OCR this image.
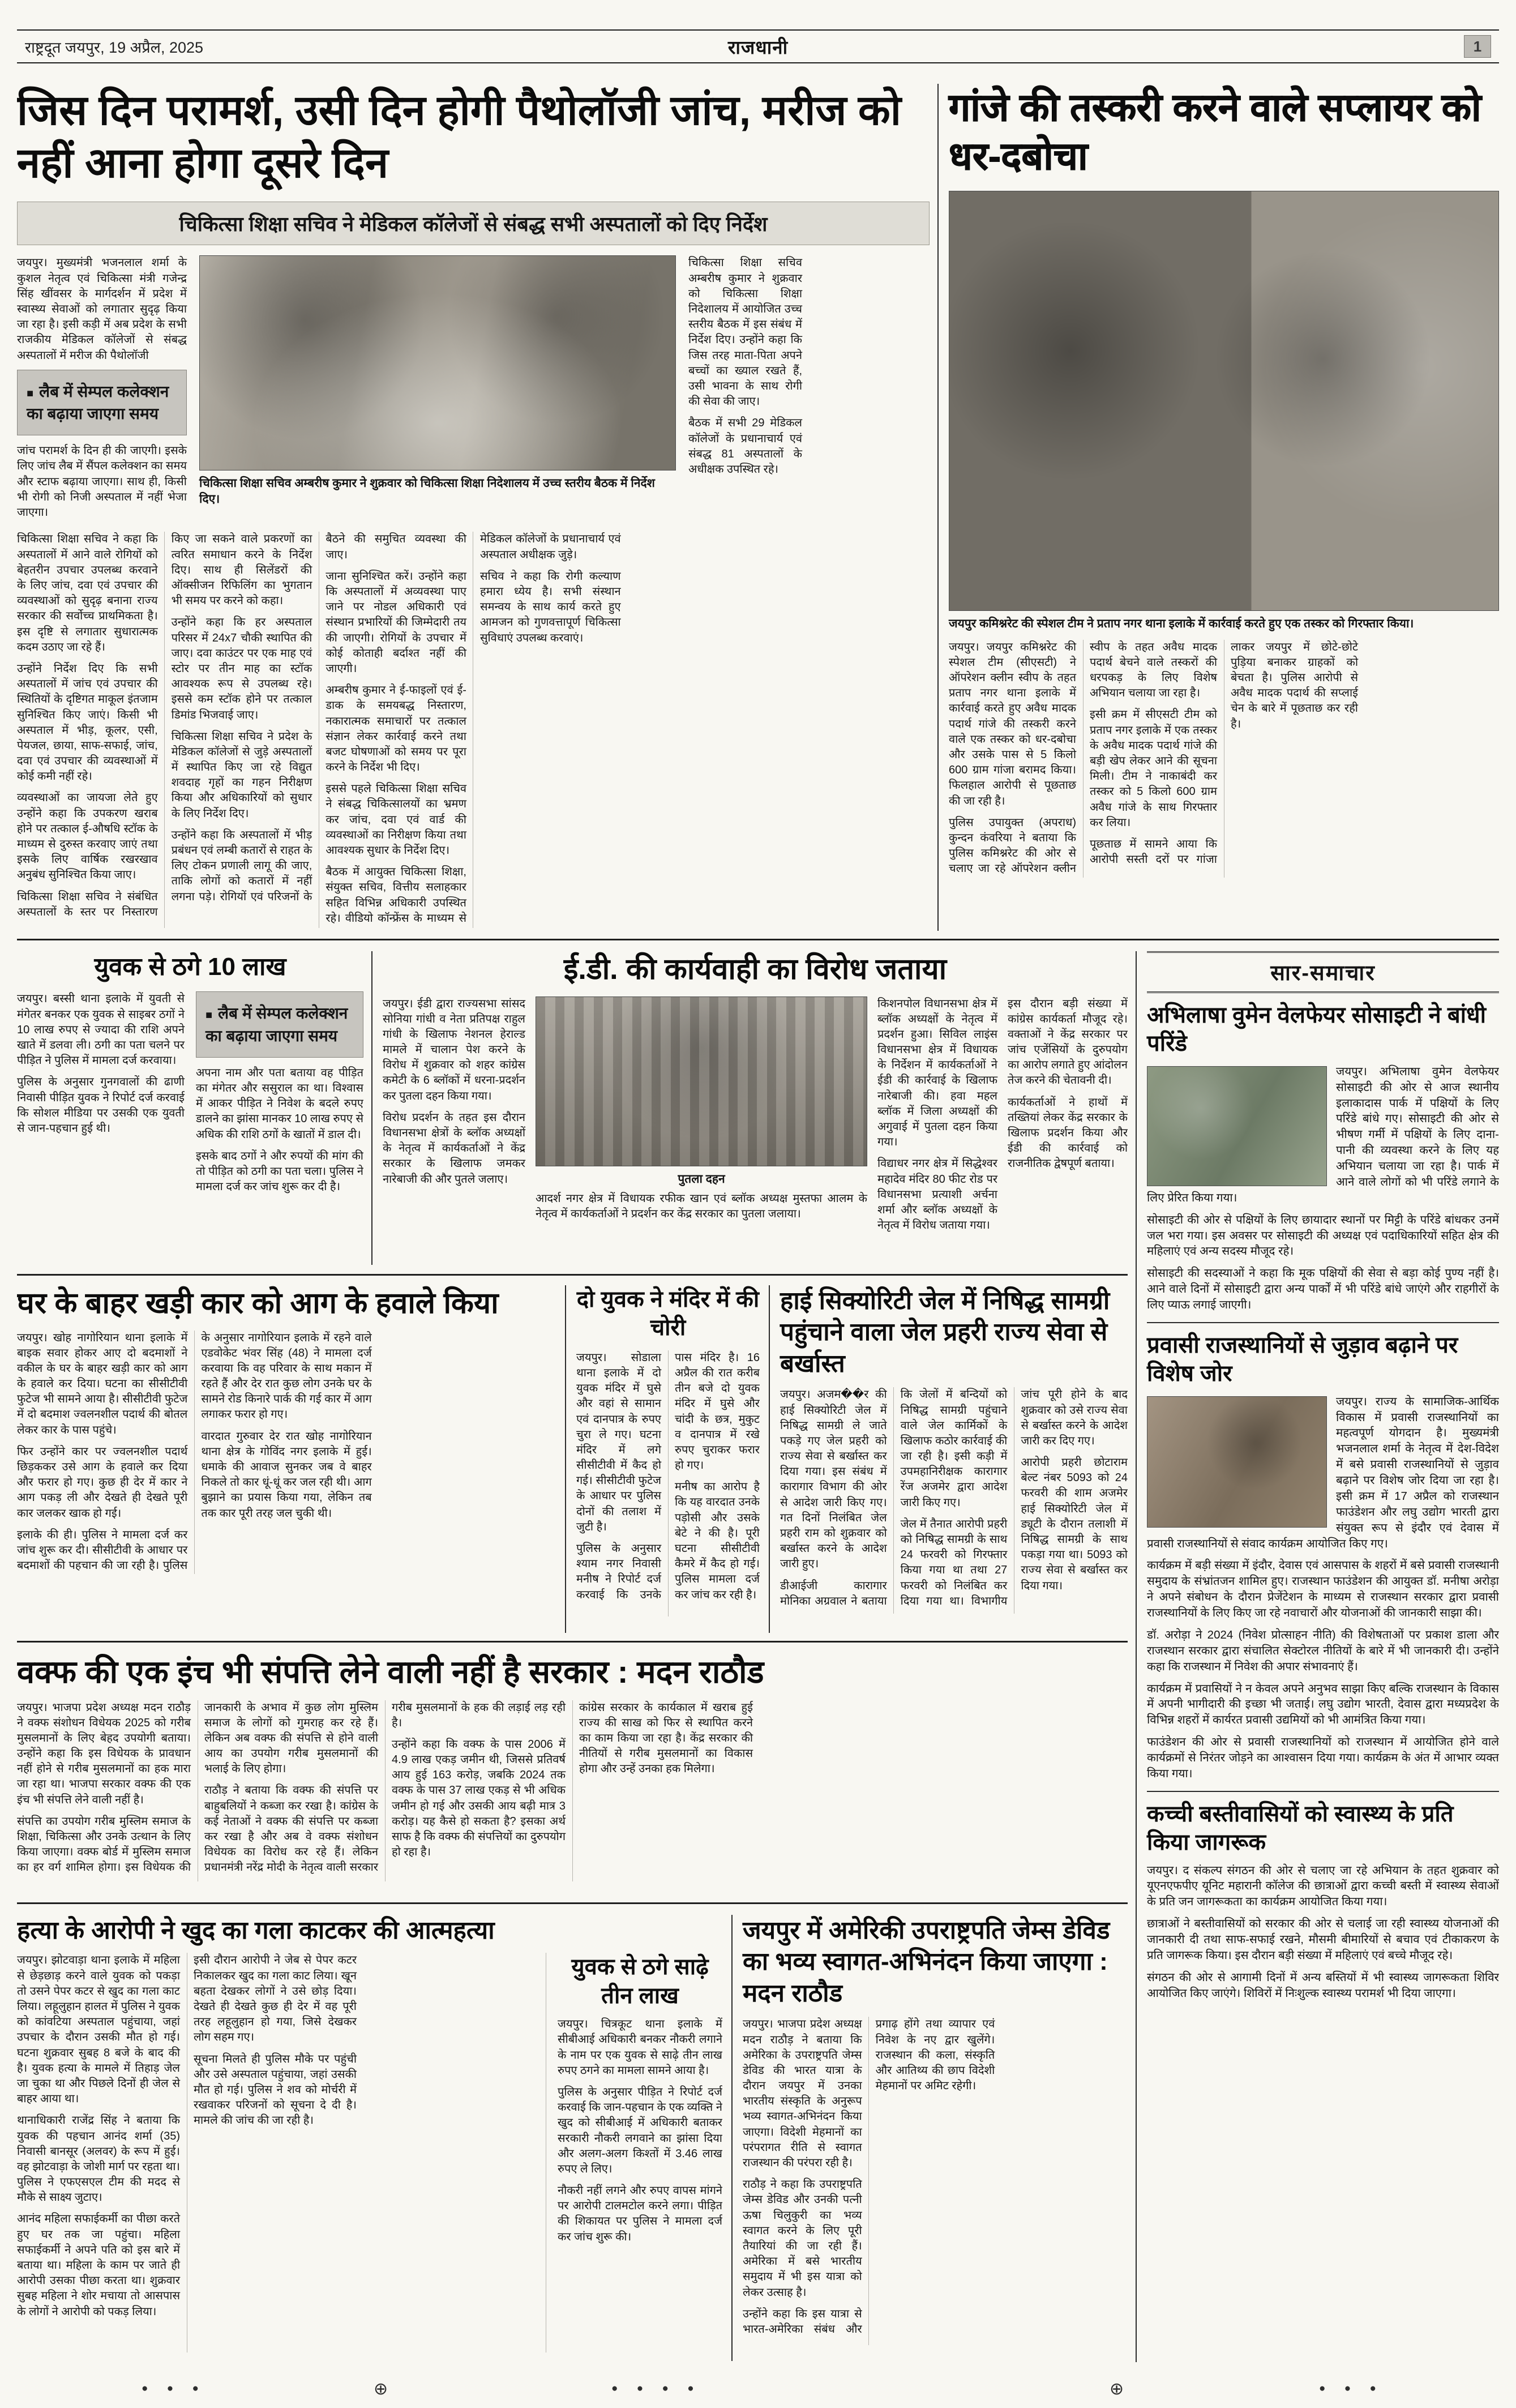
राष्ट्रदूत जयपुर, 19 अप्रैल, 2025	राजधानी	1
जिस दिन परामर्श, उसी दिन होगी पैथोलॉजी जांच, मरीज को नहीं आना होगा दूसरे दिन
चिकित्सा शिक्षा सचिव ने मेडिकल कॉलेजों से संबद्ध सभी अस्पतालों को दिए निर्देश

जयपुर। मुख्यमंत्री भजनलाल शर्मा के कुशल नेतृत्व एवं चिकित्सा मंत्री गजेन्द्र सिंह खींवसर के मार्गदर्शन में प्रदेश में स्वास्थ्य सेवाओं को लगातार सुदृढ़ किया जा रहा है। इसी कड़ी में अब प्रदेश के सभी राजकीय मेडिकल कॉलेजों से संबद्ध अस्पतालों में मरीज की पैथोलॉजी

■ लैब में सेम्पल कलेक्शन का बढ़ाया जाएगा समय

जांच परामर्श के दिन ही की जाएगी। इसके लिए जांच लैब में सैंपल कलेक्शन का समय और स्टाफ बढ़ाया जाएगा। साथ ही, किसी भी रोगी को निजी अस्पताल में नहीं भेजा जाएगा।

चिकित्सा शिक्षा सचिव अम्बरीष कुमार ने शुक्रवार को चिकित्सा शिक्षा निदेशालय में उच्च स्तरीय बैठक में निर्देश दिए।

चिकित्सा शिक्षा सचिव अम्बरीष कुमार ने शुक्रवार को चिकित्सा शिक्षा निदेशालय में आयोजित उच्च स्तरीय बैठक में इस संबंध में निर्देश दिए। उन्होंने कहा कि जिस तरह माता-पिता अपने बच्चों का ख्याल रखते हैं, उसी भावना के साथ रोगी की सेवा की जाए।

बैठक में सभी 29 मेडिकल कॉलेजों के प्रधानाचार्य एवं संबद्ध 81 अस्पतालों के अधीक्षक उपस्थित रहे।

चिकित्सा शिक्षा सचिव ने कहा कि अस्पतालों में आने वाले रोगियों को बेहतरीन उपचार उपलब्ध करवाने के लिए जांच, दवा एवं उपचार की व्यवस्थाओं को सुदृढ़ बनाना राज्य सरकार की सर्वोच्च प्राथमिकता है। इस दृष्टि से लगातार सुधारात्मक कदम उठाए जा रहे हैं।

उन्होंने निर्देश दिए कि सभी अस्पतालों में जांच एवं उपचार की स्थितियों के दृष्टिगत माकूल इंतजाम सुनिश्चित किए जाएं। किसी भी अस्पताल में भीड़, कूलर, एसी, पेयजल, छाया, साफ-सफाई, जांच, दवा एवं उपचार की व्यवस्थाओं में कोई कमी नहीं रहे।

व्यवस्थाओं का जायजा लेते हुए उन्होंने कहा कि उपकरण खराब होने पर तत्काल ई-औषधि स्टॉक के माध्यम से दुरुस्त करवाए जाएं तथा इसके लिए वार्षिक रखरखाव अनुबंध सुनिश्चित किया जाए।

चिकित्सा शिक्षा सचिव ने संबंधित अस्पतालों के स्तर पर निस्तारण किए जा सकने वाले प्रकरणों का त्वरित समाधान करने के निर्देश दिए। साथ ही सिलेंडरों की ऑक्सीजन रिफिलिंग का भुगतान भी समय पर करने को कहा।

उन्होंने कहा कि हर अस्पताल परिसर में 24x7 चौकी स्थापित की जाए। दवा काउंटर पर एक माह एवं स्टोर पर तीन माह का स्टॉक आवश्यक रूप से उपलब्ध रहे। इससे कम स्टॉक होने पर तत्काल डिमांड भिजवाई जाए।

चिकित्सा शिक्षा सचिव ने प्रदेश के मेडिकल कॉलेजों से जुड़े अस्पतालों में स्थापित किए जा रहे विद्युत शवदाह गृहों का गहन निरीक्षण किया और अधिकारियों को सुधार के लिए निर्देश दिए।

उन्होंने कहा कि अस्पतालों में भीड़ प्रबंधन एवं लम्बी कतारों से राहत के लिए टोकन प्रणाली लागू की जाए, ताकि लोगों को कतारों में नहीं लगना पड़े। रोगियों एवं परिजनों के बैठने की समुचित व्यवस्था की जाए।

जाना सुनिश्चित करें। उन्होंने कहा कि अस्पतालों में अव्यवस्था पाए जाने पर नोडल अधिकारी एवं संस्थान प्रभारियों की जिम्मेदारी तय की जाएगी। रोगियों के उपचार में कोई कोताही बर्दाश्त नहीं की जाएगी।

अम्बरीष कुमार ने ई-फाइलों एवं ई-डाक के समयबद्ध निस्तारण, नकारात्मक समाचारों पर तत्काल संज्ञान लेकर कार्रवाई करने तथा बजट घोषणाओं को समय पर पूरा करने के निर्देश भी दिए।

इससे पहले चिकित्सा शिक्षा सचिव ने संबद्ध चिकित्सालयों का भ्रमण कर जांच, दवा एवं वार्ड की व्यवस्थाओं का निरीक्षण किया तथा आवश्यक सुधार के निर्देश दिए।

बैठक में आयुक्त चिकित्सा शिक्षा, संयुक्त सचिव, वित्तीय सलाहकार सहित विभिन्न अधिकारी उपस्थित रहे। वीडियो कॉन्फ्रेंस के माध्यम से मेडिकल कॉलेजों के प्रधानाचार्य एवं अस्पताल अधीक्षक जुड़े।

सचिव ने कहा कि रोगी कल्याण हमारा ध्येय है। सभी संस्थान समन्वय के साथ कार्य करते हुए आमजन को गुणवत्तापूर्ण चिकित्सा सुविधाएं उपलब्ध करवाएं।

गांजे की तस्करी करने वाले सप्लायर को धर-दबोचा
जयपुर कमिश्नरेट की स्पेशल टीम ने प्रताप नगर थाना इलाके में कार्रवाई करते हुए एक तस्कर को गिरफ्तार किया।

जयपुर। जयपुर कमिश्नरेट की स्पेशल टीम (सीएसटी) ने ऑपरेशन क्लीन स्वीप के तहत प्रताप नगर थाना इलाके में कार्रवाई करते हुए अवैध मादक पदार्थ गांजे की तस्करी करने वाले एक तस्कर को धर-दबोचा और उसके पास से 5 किलो 600 ग्राम गांजा बरामद किया। फिलहाल आरोपी से पूछताछ की जा रही है।

पुलिस उपायुक्त (अपराध) कुन्दन कंवरिया ने बताया कि पुलिस कमिश्नरेट की ओर से चलाए जा रहे ऑपरेशन क्लीन स्वीप के तहत अवैध मादक पदार्थ बेचने वाले तस्करों की धरपकड़ के लिए विशेष अभियान चलाया जा रहा है।

इसी क्रम में सीएसटी टीम को प्रताप नगर इलाके में एक तस्कर के अवैध मादक पदार्थ गांजे की बड़ी खेप लेकर आने की सूचना मिली। टीम ने नाकाबंदी कर तस्कर को 5 किलो 600 ग्राम अवैध गांजे के साथ गिरफ्तार कर लिया।

पूछताछ में सामने आया कि आरोपी सस्ती दरों पर गांजा लाकर जयपुर में छोटे-छोटे पुड़िया बनाकर ग्राहकों को बेचता है। पुलिस आरोपी से अवैध मादक पदार्थ की सप्लाई चेन के बारे में पूछताछ कर रही है।

युवक से ठगे 10 लाख

जयपुर। बस्सी थाना इलाके में युवती से मंगेतर बनकर एक युवक से साइबर ठगों ने 10 लाख रुपए से ज्यादा की राशि अपने खाते में डलवा ली। ठगी का पता चलने पर पीड़ित ने पुलिस में मामला दर्ज करवाया।

पुलिस के अनुसार गुनगवालों की ढाणी निवासी पीड़ित युवक ने रिपोर्ट दर्ज करवाई कि सोशल मीडिया पर उसकी एक युवती से जान-पहचान हुई थी।

■ लैब में सेम्पल कलेक्शन का बढ़ाया जाएगा समय

अपना नाम और पता बताया वह पीड़ित का मंगेतर और ससुराल का था। विश्वास में आकर पीड़ित ने निवेश के बदले रुपए डालने का झांसा मानकर 10 लाख रुपए से अधिक की राशि ठगों के खातों में डाल दी।

इसके बाद ठगों ने और रुपयों की मांग की तो पीड़ित को ठगी का पता चला। पुलिस ने मामला दर्ज कर जांच शुरू कर दी है।

ई.डी. की कार्यवाही का विरोध जताया

जयपुर। ईडी द्वारा राज्यसभा सांसद सोनिया गांधी व नेता प्रतिपक्ष राहुल गांधी के खिलाफ नेशनल हेराल्ड मामले में चालान पेश करने के विरोध में शुक्रवार को शहर कांग्रेस कमेटी के 6 ब्लॉकों में धरना-प्रदर्शन कर पुतला दहन किया गया।

विरोध प्रदर्शन के तहत इस दौरान विधानसभा क्षेत्रों के ब्लॉक अध्यक्षों के नेतृत्व में कार्यकर्ताओं ने केंद्र सरकार के खिलाफ जमकर नारेबाजी की और पुतले जलाए।	पुतला दहन

आदर्श नगर क्षेत्र में विधायक रफीक खान एवं ब्लॉक अध्यक्ष मुस्तफा आलम के नेतृत्व में कार्यकर्ताओं ने प्रदर्शन कर केंद्र सरकार का पुतला जलाया।

किशनपोल विधानसभा क्षेत्र में ब्लॉक अध्यक्षों के नेतृत्व में प्रदर्शन हुआ। सिविल लाइंस विधानसभा क्षेत्र में विधायक के निर्देशन में कार्यकर्ताओं ने ईडी की कार्रवाई के खिलाफ नारेबाजी की। हवा महल ब्लॉक में जिला अध्यक्षों की अगुवाई में पुतला दहन किया गया।

विद्याधर नगर क्षेत्र में सिद्धेश्वर महादेव मंदिर 80 फीट रोड पर विधानसभा प्रत्याशी अर्चना शर्मा और ब्लॉक अध्यक्षों के नेतृत्व में विरोध जताया गया।

इस दौरान बड़ी संख्या में कांग्रेस कार्यकर्ता मौजूद रहे। वक्ताओं ने केंद्र सरकार पर जांच एजेंसियों के दुरुपयोग का आरोप लगाते हुए आंदोलन तेज करने की चेतावनी दी।

कार्यकर्ताओं ने हाथों में तख्तियां लेकर केंद्र सरकार के खिलाफ प्रदर्शन किया और ईडी की कार्रवाई को राजनीतिक द्वेषपूर्ण बताया।

सार-समाचार
अभिलाषा वुमेन वेलफेयर सोसाइटी ने बांधी परिंडे

जयपुर। अभिलाषा वुमेन वेलफेयर सोसाइटी की ओर से आज स्थानीय इलाकादास पार्क में पक्षियों के लिए परिंडे बांधे गए। सोसाइटी की ओर से भीषण गर्मी में पक्षियों के लिए दाना-पानी की व्यवस्था करने के लिए यह अभियान चलाया जा रहा है। पार्क में आने वाले लोगों को भी परिंडे लगाने के लिए प्रेरित किया गया।

सोसाइटी की ओर से पक्षियों के लिए छायादार स्थानों पर मिट्टी के परिंडे बांधकर उनमें जल भरा गया। इस अवसर पर सोसाइटी की अध्यक्ष एवं पदाधिकारियों सहित क्षेत्र की महिलाएं एवं अन्य सदस्य मौजूद रहे।

सोसाइटी की सदस्याओं ने कहा कि मूक पक्षियों की सेवा से बड़ा कोई पुण्य नहीं है। आने वाले दिनों में सोसाइटी द्वारा अन्य पार्कों में भी परिंडे बांधे जाएंगे और राहगीरों के लिए प्याऊ लगाई जाएगी।

प्रवासी राजस्थानियों से जुड़ाव बढ़ाने पर विशेष जोर

जयपुर। राज्य के सामाजिक-आर्थिक विकास में प्रवासी राजस्थानियों का महत्वपूर्ण योगदान है। मुख्यमंत्री भजनलाल शर्मा के नेतृत्व में देश-विदेश में बसे प्रवासी राजस्थानियों से जुड़ाव बढ़ाने पर विशेष जोर दिया जा रहा है। इसी क्रम में 17 अप्रैल को राजस्थान फाउंडेशन और लघु उद्योग भारती द्वारा संयुक्त रूप से इंदौर एवं देवास में प्रवासी राजस्थानियों से संवाद कार्यक्रम आयोजित किए गए।

कार्यक्रम में बड़ी संख्या में इंदौर, देवास एवं आसपास के शहरों में बसे प्रवासी राजस्थानी समुदाय के संभ्रांतजन शामिल हुए। राजस्थान फाउंडेशन की आयुक्त डॉ. मनीषा अरोड़ा ने अपने संबोधन के दौरान प्रेजेंटेशन के माध्यम से राजस्थान सरकार द्वारा प्रवासी राजस्थानियों के लिए किए जा रहे नवाचारों और योजनाओं की जानकारी साझा की।

डॉ. अरोड़ा ने 2024 (निवेश प्रोत्साहन नीति) की विशेषताओं पर प्रकाश डाला और राजस्थान सरकार द्वारा संचालित सेक्टोरल नीतियों के बारे में भी जानकारी दी। उन्होंने कहा कि राजस्थान में निवेश की अपार संभावनाएं हैं।

कार्यक्रम में प्रवासियों ने न केवल अपने अनुभव साझा किए बल्कि राजस्थान के विकास में अपनी भागीदारी की इच्छा भी जताई। लघु उद्योग भारती, देवास द्वारा मध्यप्रदेश के विभिन्न शहरों में कार्यरत प्रवासी उद्यमियों को भी आमंत्रित किया गया।

फाउंडेशन की ओर से प्रवासी राजस्थानियों को राजस्थान में आयोजित होने वाले कार्यक्रमों से निरंतर जोड़ने का आश्वासन दिया गया। कार्यक्रम के अंत में आभार व्यक्त किया गया।

कच्ची बस्तीवासियों को स्वास्थ्य के प्रति किया जागरूक

जयपुर। द संकल्प संगठन की ओर से चलाए जा रहे अभियान के तहत शुक्रवार को यूएनएफपीए यूनिट महारानी कॉलेज की छात्राओं द्वारा कच्ची बस्ती में स्वास्थ्य सेवाओं के प्रति जन जागरूकता का कार्यक्रम आयोजित किया गया।

छात्राओं ने बस्तीवासियों को सरकार की ओर से चलाई जा रही स्वास्थ्य योजनाओं की जानकारी दी तथा साफ-सफाई रखने, मौसमी बीमारियों से बचाव एवं टीकाकरण के प्रति जागरूक किया। इस दौरान बड़ी संख्या में महिलाएं एवं बच्चे मौजूद रहे।

संगठन की ओर से आगामी दिनों में अन्य बस्तियों में भी स्वास्थ्य जागरूकता शिविर आयोजित किए जाएंगे। शिविरों में निःशुल्क स्वास्थ्य परामर्श भी दिया जाएगा।

घर के बाहर खड़ी कार को आग के हवाले किया

जयपुर। खोह नागोरियान थाना इलाके में बाइक सवार होकर आए दो बदमाशों ने वकील के घर के बाहर खड़ी कार को आग के हवाले कर दिया। घटना का सीसीटीवी फुटेज भी सामने आया है। सीसीटीवी फुटेज में दो बदमाश ज्वलनशील पदार्थ की बोतल लेकर कार के पास पहुंचे।

फिर उन्होंने कार पर ज्वलनशील पदार्थ छिड़ककर उसे आग के हवाले कर दिया और फरार हो गए। कुछ ही देर में कार ने आग पकड़ ली और देखते ही देखते पूरी कार जलकर खाक हो गई।

इलाके की ही। पुलिस ने मामला दर्ज कर जांच शुरू कर दी। सीसीटीवी के आधार पर बदमाशों की पहचान की जा रही है। पुलिस के अनुसार नागोरियान इलाके में रहने वाले एडवोकेट भंवर सिंह (48) ने मामला दर्ज करवाया कि वह परिवार के साथ मकान में रहते हैं और देर रात कुछ लोग उनके घर के सामने रोड किनारे पार्क की गई कार में आग लगाकर फरार हो गए।

वारदात गुरुवार देर रात खोह नागोरियान थाना क्षेत्र के गोविंद नगर इलाके में हुई। धमाके की आवाज सुनकर जब वे बाहर निकले तो कार धूं-धूं कर जल रही थी। आग बुझाने का प्रयास किया गया, लेकिन तब तक कार पूरी तरह जल चुकी थी।

दो युवक ने मंदिर में की चोरी

जयपुर। सोडाला थाना इलाके में दो युवक मंदिर में घुसे और वहां से सामान एवं दानपात्र के रुपए चुरा ले गए। घटना मंदिर में लगे सीसीटीवी में कैद हो गई। सीसीटीवी फुटेज के आधार पर पुलिस दोनों की तलाश में जुटी है।

पुलिस के अनुसार श्याम नगर निवासी मनीष ने रिपोर्ट दर्ज करवाई कि उनके पास मंदिर है। 16 अप्रैल की रात करीब तीन बजे दो युवक मंदिर में घुसे और चांदी के छत्र, मुकुट व दानपात्र में रखे रुपए चुराकर फरार हो गए।

मनीष का आरोप है कि यह वारदात उनके पड़ोसी और उसके बेटे ने की है। पूरी घटना सीसीटीवी कैमरे में कैद हो गई। पुलिस मामला दर्ज कर जांच कर रही है।

हाई सिक्योरिटी जेल में निषिद्ध सामग्री पहुंचाने वाला जेल प्रहरी राज्य सेवा से बर्खास्त

जयपुर। अजम��र की हाई सिक्योरिटी जेल में निषिद्ध सामग्री ले जाते पकड़े गए जेल प्रहरी को राज्य सेवा से बर्खास्त कर दिया गया। इस संबंध में कारागार विभाग की ओर से आदेश जारी किए गए। गत दिनों निलंबित जेल प्रहरी राम को शुक्रवार को बर्खास्त करने के आदेश जारी हुए।

डीआईजी कारागार मोनिका अग्रवाल ने बताया कि जेलों में बन्दियों को निषिद्ध सामग्री पहुंचाने वाले जेल कार्मिकों के खिलाफ कठोर कार्रवाई की जा रही है। इसी कड़ी में उपमहानिरीक्षक कारागार रेंज अजमेर द्वारा आदेश जारी किए गए।

जेल में तैनात आरोपी प्रहरी को निषिद्ध सामग्री के साथ 24 फरवरी को गिरफ्तार किया गया था तथा 27 फरवरी को निलंबित कर दिया गया था। विभागीय जांच पूरी होने के बाद शुक्रवार को उसे राज्य सेवा से बर्खास्त करने के आदेश जारी कर दिए गए।

आरोपी प्रहरी छोटाराम बेल्ट नंबर 5093 को 24 फरवरी की शाम अजमेर हाई सिक्योरिटी जेल में ड्यूटी के दौरान तलाशी में निषिद्ध सामग्री के साथ पकड़ा गया था। 5093 को राज्य सेवा से बर्खास्त कर दिया गया।

वक्फ की एक इंच भी संपत्ति लेने वाली नहीं है सरकार : मदन राठौड

जयपुर। भाजपा प्रदेश अध्यक्ष मदन राठौड़ ने वक्फ संशोधन विधेयक 2025 को गरीब मुसलमानों के लिए बेहद उपयोगी बताया। उन्होंने कहा कि इस विधेयक के प्रावधान नहीं होने से गरीब मुसलमानों का हक मारा जा रहा था। भाजपा सरकार वक्फ की एक इंच भी संपत्ति लेने वाली नहीं है।

संपत्ति का उपयोग गरीब मुस्लिम समाज के शिक्षा, चिकित्सा और उनके उत्थान के लिए किया जाएगा। वक्फ बोर्ड में मुस्लिम समाज का हर वर्ग शामिल होगा। इस विधेयक की जानकारी के अभाव में कुछ लोग मुस्लिम समाज के लोगों को गुमराह कर रहे हैं। लेकिन अब वक्फ की संपत्ति से होने वाली आय का उपयोग गरीब मुसलमानों की भलाई के लिए होगा।

राठौड़ ने बताया कि वक्फ की संपत्ति पर बाहुबलियों ने कब्जा कर रखा है। कांग्रेस के कई नेताओं ने वक्फ की संपत्ति पर कब्जा कर रखा है और अब वे वक्फ संशोधन विधेयक का विरोध कर रहे हैं। लेकिन प्रधानमंत्री नरेंद्र मोदी के नेतृत्व वाली सरकार गरीब मुसलमानों के हक की लड़ाई लड़ रही है।

उन्होंने कहा कि वक्फ के पास 2006 में 4.9 लाख एकड़ जमीन थी, जिससे प्रतिवर्ष आय हुई 163 करोड़, जबकि 2024 तक वक्फ के पास 37 लाख एकड़ से भी अधिक जमीन हो गई और उसकी आय बढ़ी मात्र 3 करोड़। यह कैसे हो सकता है? इसका अर्थ साफ है कि वक्फ की संपत्तियों का दुरुपयोग हो रहा है।

कांग्रेस सरकार के कार्यकाल में खराब हुई राज्य की साख को फिर से स्थापित करने का काम किया जा रहा है। केंद्र सरकार की नीतियों से गरीब मुसलमानों का विकास होगा और उन्हें उनका हक मिलेगा।

हत्या के आरोपी ने खुद का गला काटकर की आत्महत्या

जयपुर। झोटवाड़ा थाना इलाके में महिला से छेड़छाड़ करने वाले युवक को पकड़ा तो उसने पेपर कटर से खुद का गला काट लिया। लहूलुहान हालत में पुलिस ने युवक को कांवटिया अस्पताल पहुंचाया, जहां उपचार के दौरान उसकी मौत हो गई। घटना शुक्रवार सुबह 8 बजे के बाद की है। युवक हत्या के मामले में तिहाड़ जेल जा चुका था और पिछले दिनों ही जेल से बाहर आया था।

थानाधिकारी राजेंद्र सिंह ने बताया कि युवक की पहचान आनंद शर्मा (35) निवासी बानसूर (अलवर) के रूप में हुई। वह झोटवाड़ा के जोशी मार्ग पर रहता था। पुलिस ने एफएसएल टीम की मदद से मौके से साक्ष्य जुटाए।

आनंद महिला सफाईकर्मी का पीछा करते हुए घर तक जा पहुंचा। महिला सफाईकर्मी ने अपने पति को इस बारे में बताया था। महिला के काम पर जाते ही आरोपी उसका पीछा करता था। शुक्रवार सुबह महिला ने शोर मचाया तो आसपास के लोगों ने आरोपी को पकड़ लिया।

इसी दौरान आरोपी ने जेब से पेपर कटर निकालकर खुद का गला काट लिया। खून बहता देखकर लोगों ने उसे छोड़ दिया। देखते ही देखते कुछ ही देर में वह पूरी तरह लहूलुहान हो गया, जिसे देखकर लोग सहम गए।

सूचना मिलते ही पुलिस मौके पर पहुंची और उसे अस्पताल पहुंचाया, जहां उसकी मौत हो गई। पुलिस ने शव को मोर्चरी में रखवाकर परिजनों को सूचना दे दी है। मामले की जांच की जा रही है।

युवक से ठगे साढ़े तीन लाख

जयपुर। चित्रकूट थाना इलाके में सीबीआई अधिकारी बनकर नौकरी लगाने के नाम पर एक युवक से साढ़े तीन लाख रुपए ठगने का मामला सामने आया है।

पुलिस के अनुसार पीड़ित ने रिपोर्ट दर्ज करवाई कि जान-पहचान के एक व्यक्ति ने खुद को सीबीआई में अधिकारी बताकर सरकारी नौकरी लगवाने का झांसा दिया और अलग-अलग किश्तों में 3.46 लाख रुपए ले लिए।

नौकरी नहीं लगने और रुपए वापस मांगने पर आरोपी टालमटोल करने लगा। पीड़ित की शिकायत पर पुलिस ने मामला दर्ज कर जांच शुरू की।

जयपुर में अमेरिकी उपराष्ट्रपति जेम्स डेविड का भव्य स्वागत-अभिनंदन किया जाएगा : मदन राठौड

जयपुर। भाजपा प्रदेश अध्यक्ष मदन राठौड़ ने बताया कि अमेरिका के उपराष्ट्रपति जेम्स डेविड की भारत यात्रा के दौरान जयपुर में उनका भारतीय संस्कृति के अनुरूप भव्य स्वागत-अभिनंदन किया जाएगा। विदेशी मेहमानों का परंपरागत रीति से स्वागत राजस्थान की परंपरा रही है।

राठौड़ ने कहा कि उपराष्ट्रपति जेम्स डेविड और उनकी पत्नी ऊषा चिलुकुरी का भव्य स्वागत करने के लिए पूरी तैयारियां की जा रही हैं। अमेरिका में बसे भारतीय समुदाय में भी इस यात्रा को लेकर उत्साह है।

उन्होंने कहा कि इस यात्रा से भारत-अमेरिका संबंध और प्रगाढ़ होंगे तथा व्यापार एवं निवेश के नए द्वार खुलेंगे। राजस्थान की कला, संस्कृति और आतिथ्य की छाप विदेशी मेहमानों पर अमिट रहेगी।

● ● ●	⊕	● ● ● ●	⊕	● ● ●
